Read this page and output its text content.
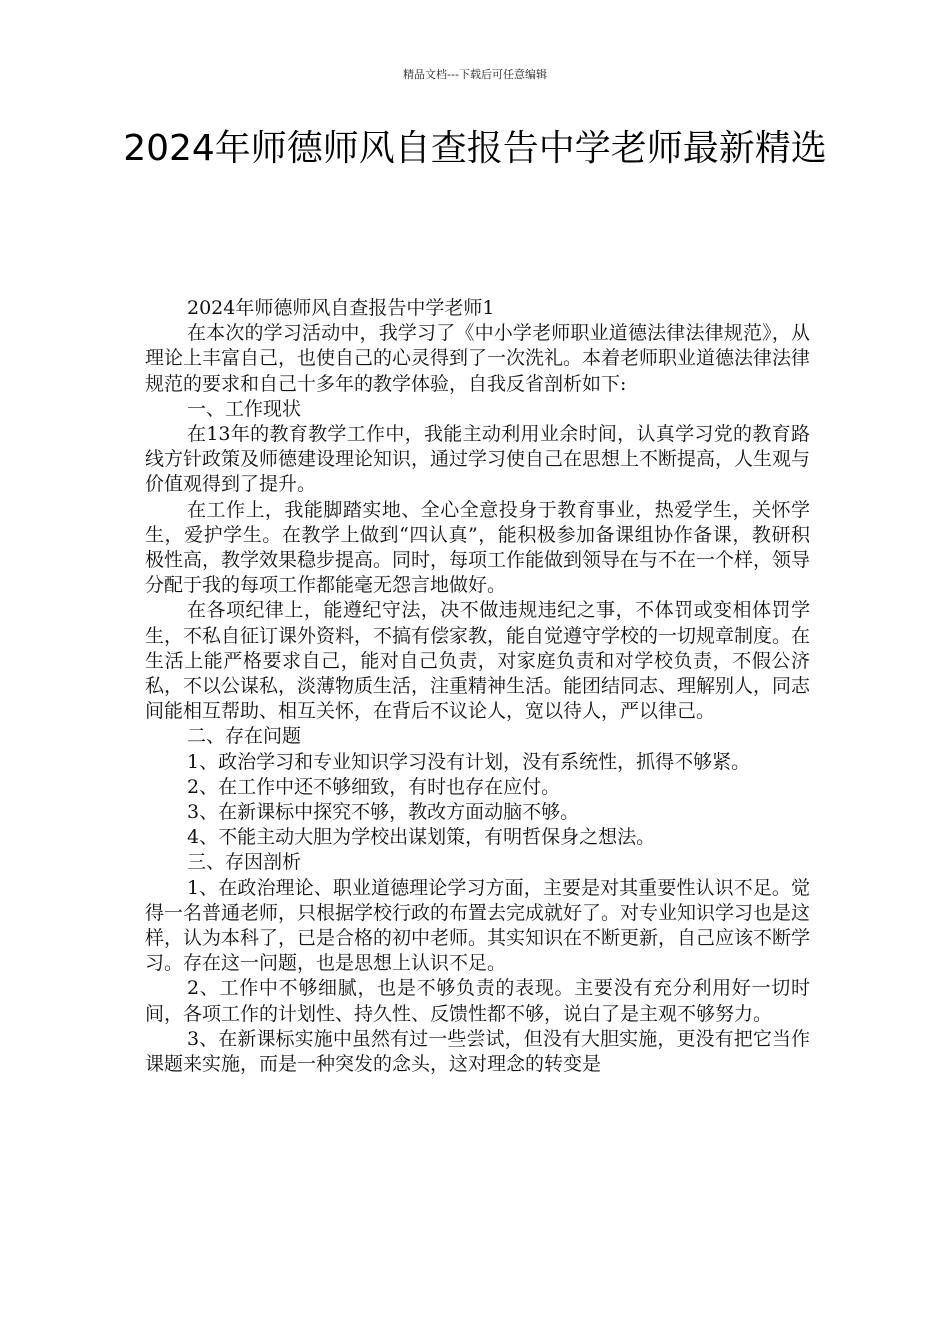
精品文档---下载后可任意编辑
2024年师德师风自查报告中学老师最新精选

2024年师德师风自查报告中学老师1

在本次的学习活动中，我学习了《中小学老师职业道德法律法律规范》，从理论上丰富自己，也使自己的心灵得到了一次洗礼。本着老师职业道德法律法律规范的要求和自己十多年的教学体验，自我反省剖析如下:

一、工作现状

在13年的教育教学工作中，我能主动利用业余时间，认真学习党的教育路线方针政策及师德建设理论知识，通过学习使自己在思想上不断提高，人生观与价值观得到了提升。

在工作上，我能脚踏实地、全心全意投身于教育事业，热爱学生，关怀学生，爱护学生。在教学上做到“四认真”，能积极参加备课组协作备课，教研积极性高，教学效果稳步提高。同时，每项工作能做到领导在与不在一个样，领导分配于我的每项工作都能毫无怨言地做好。

在各项纪律上，能遵纪守法，决不做违规违纪之事，不体罚或变相体罚学生，不私自征订课外资料，不搞有偿家教，能自觉遵守学校的一切规章制度。在生活上能严格要求自己，能对自己负责，对家庭负责和对学校负责，不假公济私，不以公谋私，淡薄物质生活，注重精神生活。能团结同志、理解别人，同志间能相互帮助、相互关怀，在背后不议论人，宽以待人，严以律己。

二、存在问题

1、政治学习和专业知识学习没有计划，没有系统性，抓得不够紧。

2、在工作中还不够细致，有时也存在应付。

3、在新课标中探究不够，教改方面动脑不够。

4、不能主动大胆为学校出谋划策，有明哲保身之想法。

三、存因剖析

1、在政治理论、职业道德理论学习方面，主要是对其重要性认识不足。觉得一名普通老师，只根据学校行政的布置去完成就好了。对专业知识学习也是这样，认为本科了，已是合格的初中老师。其实知识在不断更新，自己应该不断学习。存在这一问题，也是思想上认识不足。

2、工作中不够细腻，也是不够负责的表现。主要没有充分利用好一切时间，各项工作的计划性、持久性、反馈性都不够，说白了是主观不够努力。

3、在新课标实施中虽然有过一些尝试，但没有大胆实施，更没有把它当作课题来实施，而是一种突发的念头，这对理念的转变是
